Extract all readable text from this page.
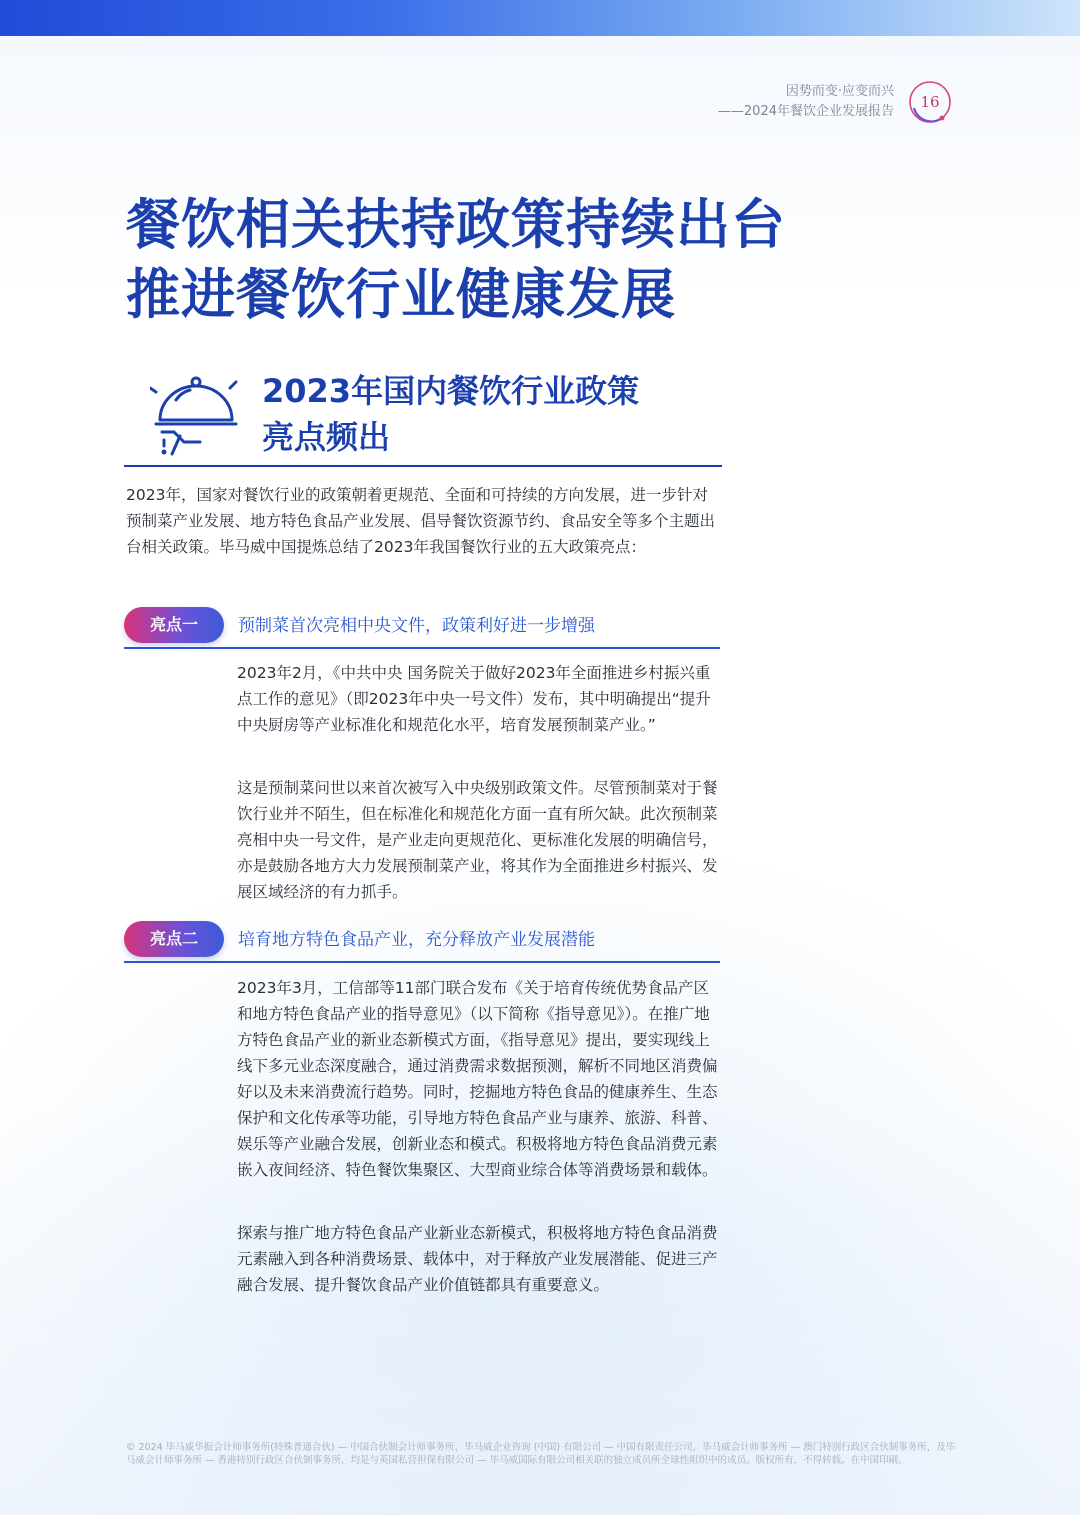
因势而变·应变而兴
——2024年餐饮企业发展报告
16
餐饮相关扶持政策持续出台
推进餐饮行业健康发展
2023年国内餐饮行业政策
亮点频出

2023年，国家对餐饮行业的政策朝着更规范、全面和可持续的方向发展，进一步针对预制菜产业发展、地方特色食品产业发展、倡导餐饮资源节约、食品安全等多个主题出台相关政策。毕马威中国提炼总结了2023年我国餐饮行业的五大政策亮点：

亮点一	预制菜首次亮相中央文件，政策利好进一步增强

2023年2月，《中共中央 国务院关于做好2023年全面推进乡村振兴重点工作的意见》（即2023年中央一号文件）发布，其中明确提出“提升中央厨房等产业标准化和规范化水平，培育发展预制菜产业。”

这是预制菜问世以来首次被写入中央级别政策文件。尽管预制菜对于餐饮行业并不陌生，但在标准化和规范化方面一直有所欠缺。此次预制菜亮相中央一号文件，是产业走向更规范化、更标准化发展的明确信号，亦是鼓励各地方大力发展预制菜产业，将其作为全面推进乡村振兴、发展区域经济的有力抓手。

亮点二	培育地方特色食品产业，充分释放产业发展潜能

2023年3月，工信部等11部门联合发布《关于培育传统优势食品产区和地方特色食品产业的指导意见》（以下简称《指导意见》）。在推广地方特色食品产业的新业态新模式方面，《指导意见》提出，要实现线上线下多元业态深度融合，通过消费需求数据预测，解析不同地区消费偏好以及未来消费流行趋势。同时，挖掘地方特色食品的健康养生、生态保护和文化传承等功能，引导地方特色食品产业与康养、旅游、科普、娱乐等产业融合发展，创新业态和模式。积极将地方特色食品消费元素嵌入夜间经济、特色餐饮集聚区、大型商业综合体等消费场景和载体。

探索与推广地方特色食品产业新业态新模式，积极将地方特色食品消费元素融入到各种消费场景、载体中，对于释放产业发展潜能、促进三产融合发展、提升餐饮食品产业价值链都具有重要意义。

© 2024 毕马威华振会计师事务所(特殊普通合伙) — 中国合伙制会计师事务所，毕马威企业咨询 (中国) 有限公司 — 中国有限责任公司，毕马威会计师事务所 — 澳门特别行政区合伙制事务所，及毕马威会计师事务所 — 香港特别行政区合伙制事务所，均是与英国私营担保有限公司 — 毕马威国际有限公司相关联的独立成员所全球性组织中的成员。版权所有，不得转载。在中国印刷。
